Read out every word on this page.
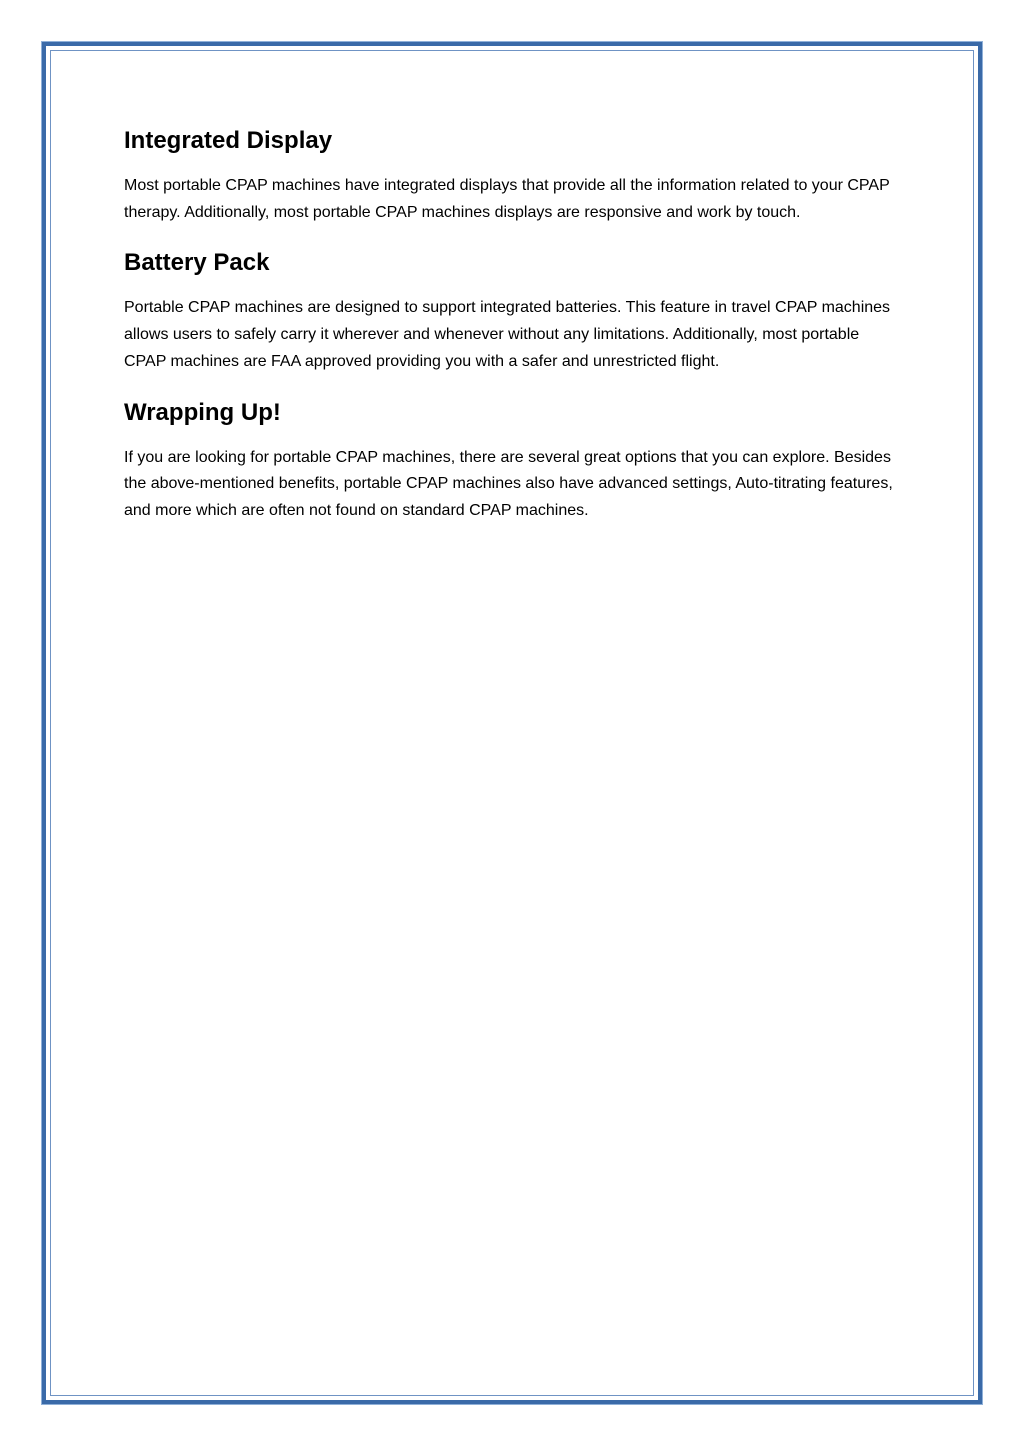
Integrated Display

Most portable CPAP machines have integrated displays that provide all the information related to your CPAP therapy. Additionally, most portable CPAP machines displays are responsive and work by touch.

Battery Pack

Portable CPAP machines are designed to support integrated batteries. This feature in travel CPAP machines allows users to safely carry it wherever and whenever without any limitations. Additionally, most portable CPAP machines are FAA approved providing you with a safer and unrestricted flight.

Wrapping Up!

If you are looking for portable CPAP machines, there are several great options that you can explore. Besides the above-mentioned benefits, portable CPAP machines also have advanced settings, Auto-titrating features, and more which are often not found on standard CPAP machines.
